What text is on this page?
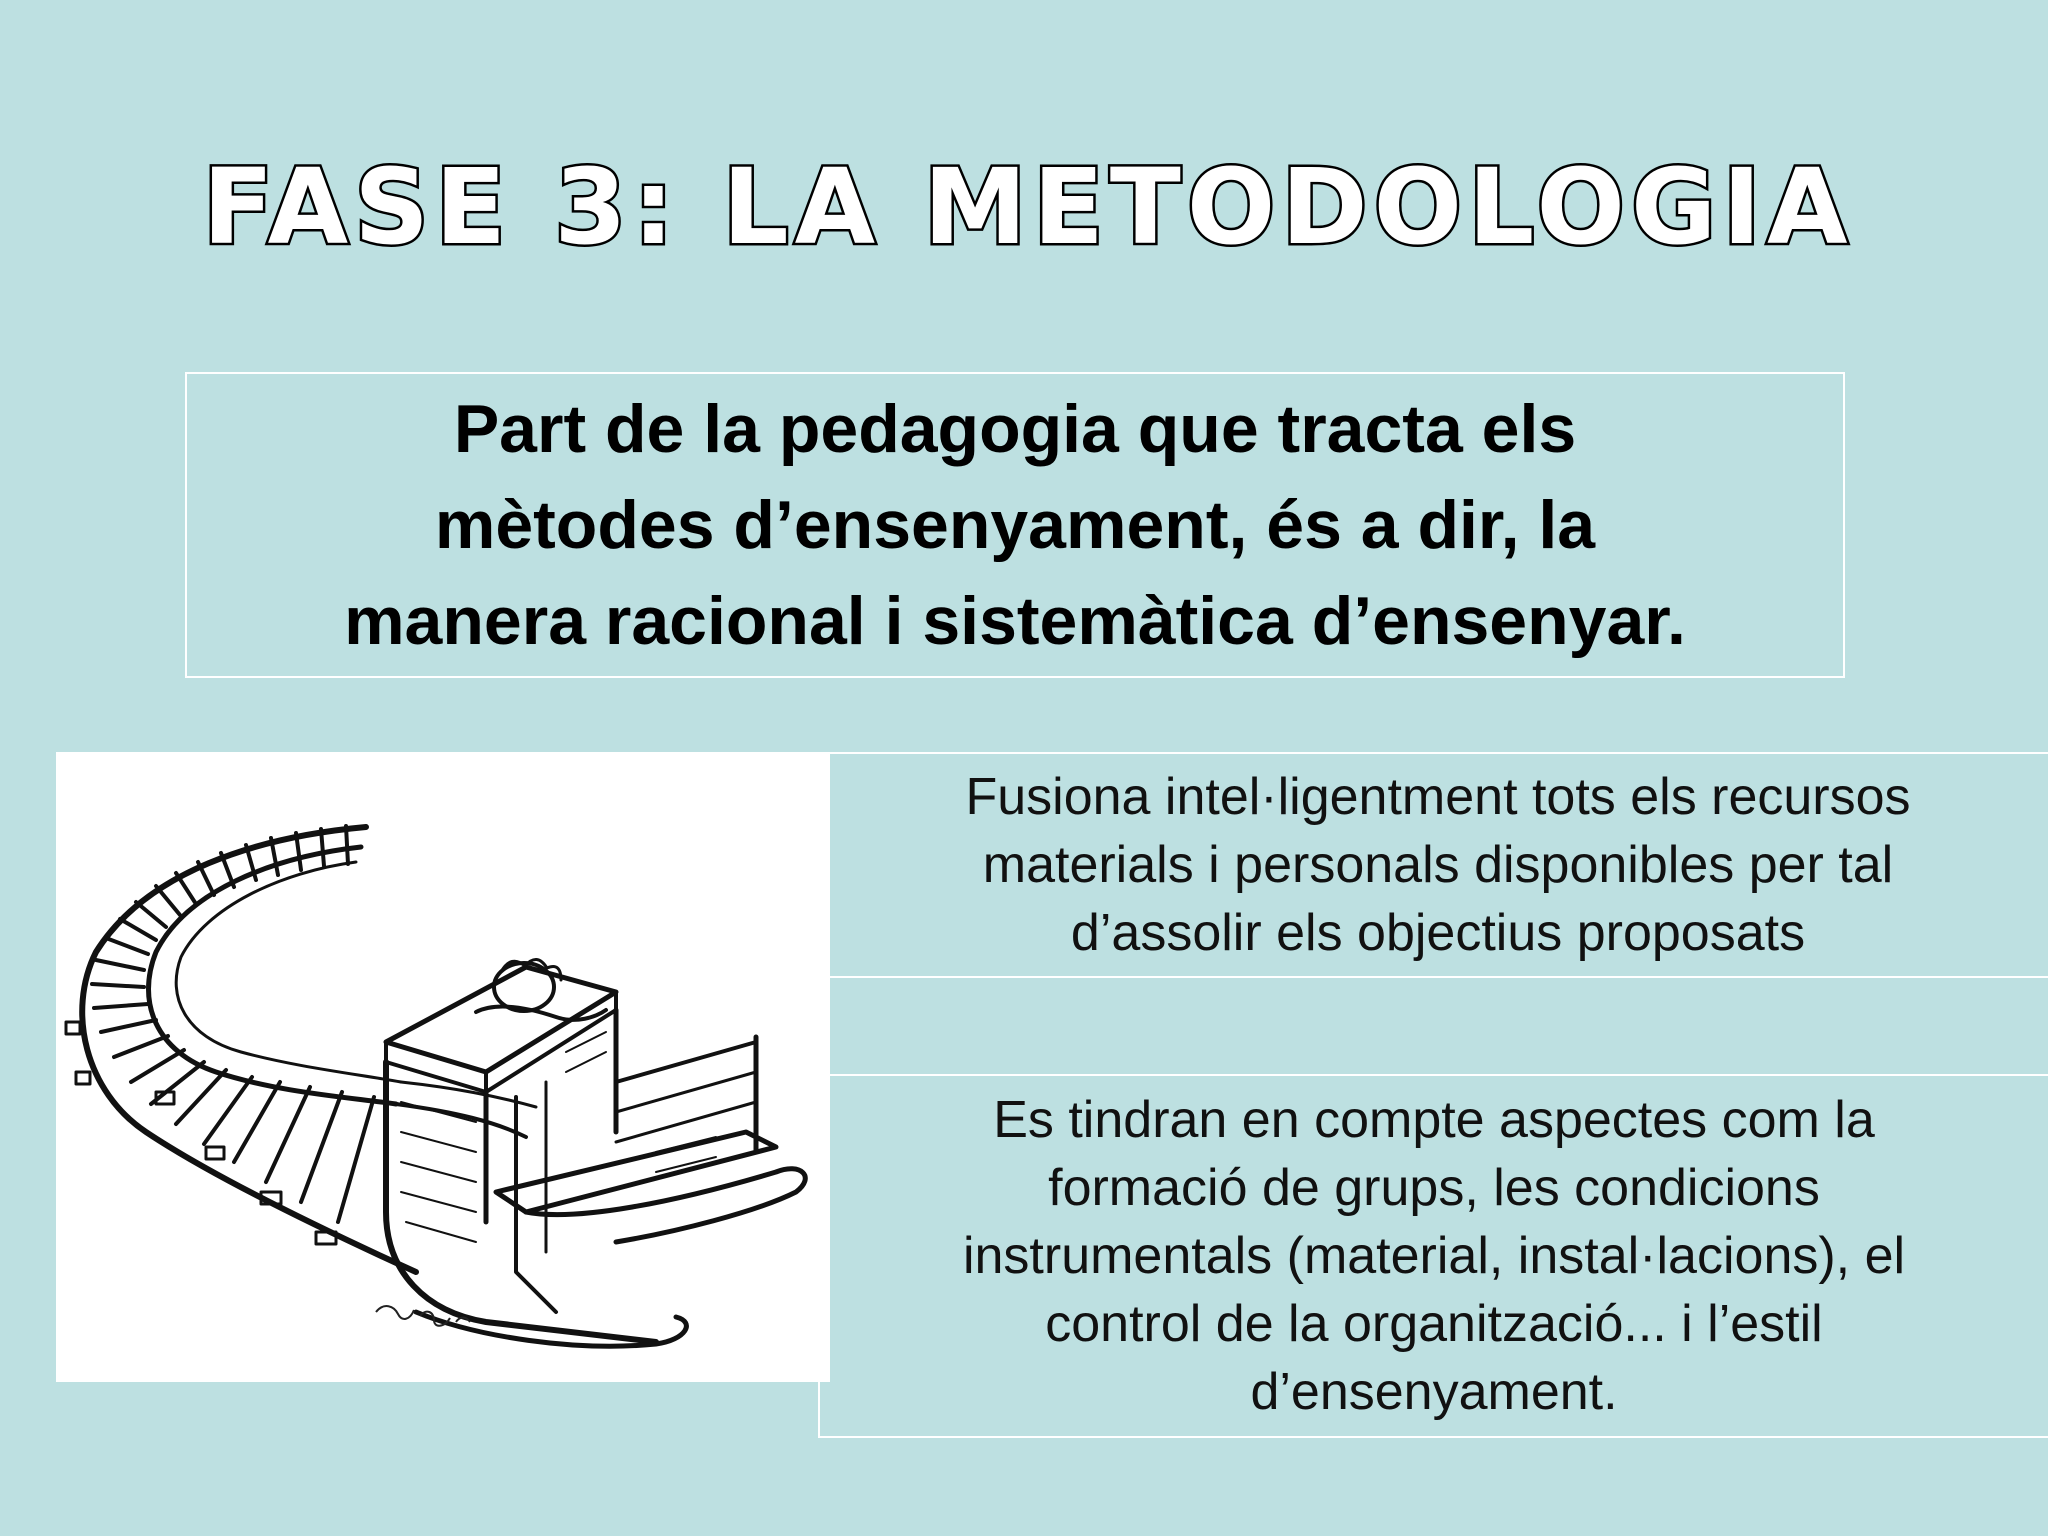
FASE 3: LA METODOLOGIA

Part de la pedagogia que tracta els
mètodes d’ensenyament, és a dir, la
manera racional i sistemàtica d’ensenyar.

Fusiona intel·ligentment tots els recursos
materials i personals disponibles per tal
d’assolir els objectius proposats

Es tindran en compte aspectes com la
formació de grups, les condicions
instrumentals (material, instal·lacions), el
control de la organització... i l’estil
d’ensenyament.
